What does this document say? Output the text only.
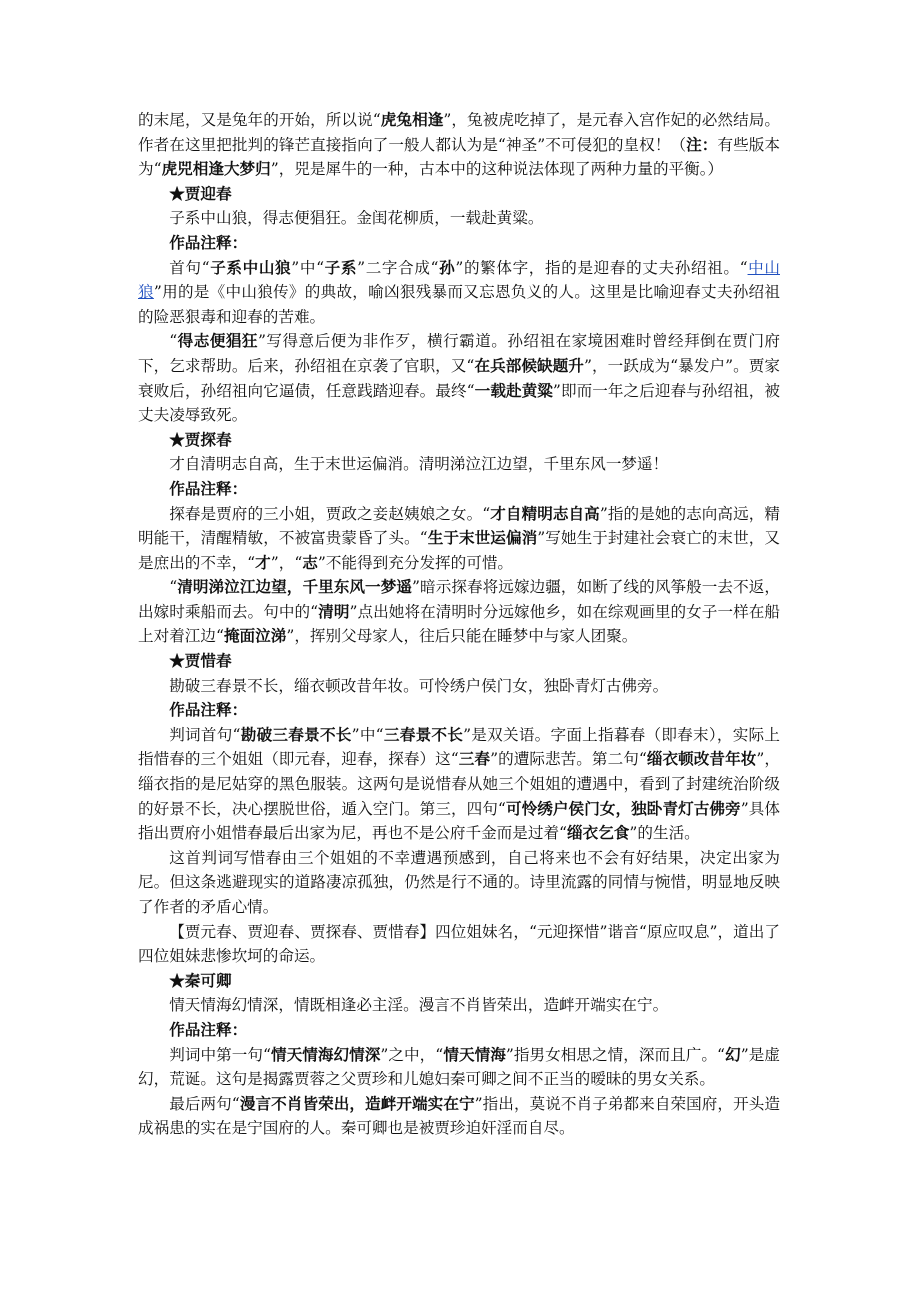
的末尾，又是兔年的开始，所以说“虎兔相逢”，兔被虎吃掉了，是元春入宫作妃的必然结局。作者在这里把批判的锋芒直接指向了一般人都认为是“神圣”不可侵犯的皇权！（注：有些版本为“虎兕相逢大梦归”，兕是犀牛的一种，古本中的这种说法体现了两种力量的平衡。）

★贾迎春

子系中山狼，得志便猖狂。金闺花柳质，一载赴黄粱。

作品注释：

首句“子系中山狼”中“子系”二字合成“孙”的繁体字，指的是迎春的丈夫孙绍祖。“中山狼”用的是《中山狼传》的典故，喻凶狠残暴而又忘恩负义的人。这里是比喻迎春丈夫孙绍祖的险恶狠毒和迎春的苦难。

“得志便猖狂”写得意后便为非作歹，横行霸道。孙绍祖在家境困难时曾经拜倒在贾门府下，乞求帮助。后来，孙绍祖在京袭了官职，又“在兵部候缺题升”，一跃成为“暴发户”。贾家衰败后，孙绍祖向它逼债，任意践踏迎春。最终“一载赴黄粱”即而一年之后迎春与孙绍祖，被丈夫凌辱致死。

★贾探春

才自清明志自高，生于末世运偏消。清明涕泣江边望，千里东风一梦遥！

作品注释：

探春是贾府的三小姐，贾政之妾赵姨娘之女。“才自精明志自高”指的是她的志向高远，精明能干，清醒精敏，不被富贵蒙昏了头。“生于末世运偏消”写她生于封建社会衰亡的末世，又是庶出的不幸，“才”，“志”不能得到充分发挥的可惜。

“清明涕泣江边望，千里东风一梦遥”暗示探春将远嫁边疆，如断了线的风筝般一去不返，出嫁时乘船而去。句中的“清明”点出她将在清明时分远嫁他乡，如在综观画里的女子一样在船上对着江边“掩面泣涕”，挥别父母家人，往后只能在睡梦中与家人团聚。

★贾惜春

勘破三春景不长，缁衣顿改昔年妆。可怜绣户侯门女，独卧青灯古佛旁。

作品注释：

判词首句“勘破三春景不长”中“三春景不长”是双关语。字面上指暮春（即春末），实际上指惜春的三个姐姐（即元春，迎春，探春）这“三春”的遭际悲苦。第二句“缁衣顿改昔年妆”，缁衣指的是尼姑穿的黑色服装。这两句是说惜春从她三个姐姐的遭遇中，看到了封建统治阶级的好景不长，决心摆脱世俗，遁入空门。第三，四句“可怜绣户侯门女，独卧青灯古佛旁”具体指出贾府小姐惜春最后出家为尼，再也不是公府千金而是过着“缁衣乞食”的生活。

这首判词写惜春由三个姐姐的不幸遭遇预感到，自己将来也不会有好结果，决定出家为尼。但这条逃避现实的道路凄凉孤独，仍然是行不通的。诗里流露的同情与惋惜，明显地反映了作者的矛盾心情。

【贾元春、贾迎春、贾探春、贾惜春】四位姐妹名，“元迎探惜”谐音“原应叹息”，道出了四位姐妹悲惨坎坷的命运。

★秦可卿

情天情海幻情深，情既相逢必主淫。漫言不肖皆荣出，造衅开端实在宁。

作品注释：

判词中第一句“情天情海幻情深”之中，“情天情海”指男女相思之情，深而且广。“幻”是虚幻，荒诞。这句是揭露贾蓉之父贾珍和儿媳妇秦可卿之间不正当的暧昧的男女关系。

最后两句“漫言不肖皆荣出，造衅开端实在宁”指出，莫说不肖子弟都来自荣国府，开头造成祸患的实在是宁国府的人。秦可卿也是被贾珍迫奸淫而自尽。
